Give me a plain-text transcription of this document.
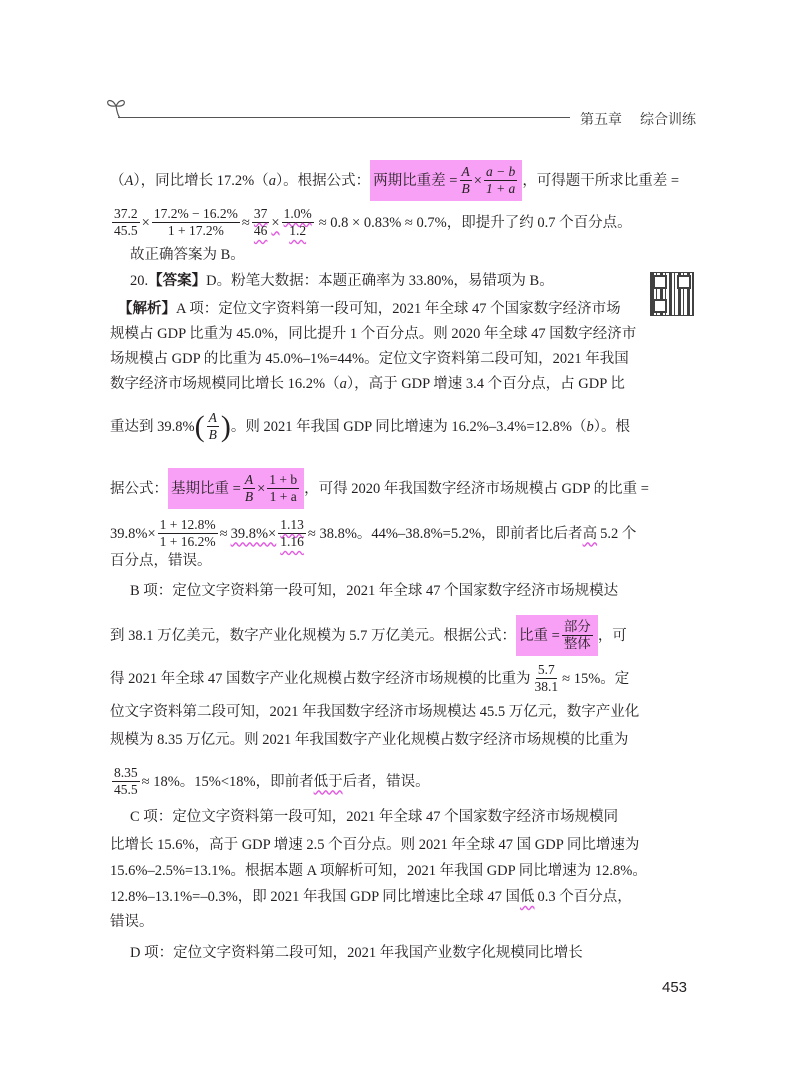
第五章 综合训练
（ A ），同比增长 17.2%（ a ）。根据公式： 两期比重差 = $\frac{A}{B} \times \frac{a - b}{1 + a}$ ，可得题干所求比重差 =
$\frac{37.2}{45.5} \times \frac{17.2\% - 16.2\%}{1 + 17.2\%} \approx \frac{37}{46} \times \frac{1.0\%}{1.2} \approx 0.8 \times 0.83\% \approx 0.7\%$，即提升了约 0.7 个百分点。
故正确答案为 B。
20. 【答案】 D。粉笔大数据：本题正确率为 33.80%，易错项为 B。
【解析】 A 项：定位文字资料第一段可知，2021 年全球 47 个国家数字经济市场
规模占 GDP 比重为 45.0%，同比提升 1 个百分点。则 2020 年全球 47 国数字经济市
场规模占 GDP 的比重为 45.0%–1%=44%。定位文字资料第二段可知，2021 年我国
数字经济市场规模同比增长 16.2%（ a ），高于 GDP 增速 3.4 个百分点，占 GDP 比
重达到 39.8% ( $\frac{A}{B}$ ) 。则 2021 年我国 GDP 同比增速为 16.2%–3.4%=12.8%（ b ）。根
据公式： 基期比重 = $\frac{A}{B} \times \frac{1 + b}{1 + a}$ ，可得 2020 年我国数字经济市场规模占 GDP 的比重 =
$39.8\%\times \frac{1 + 12.8\%}{1 + 16.2\%} \approx 39.8\%\times \frac{1.13}{1.16} \approx 38.8\%$。44%–38.8%=5.2%，即前者比后者 高 5.2 个
百分点，错误。
B 项：定位文字资料第一段可知，2021 年全球 47 个国家数字经济市场规模达
到 38.1 万亿美元，数字产业化规模为 5.7 万亿美元。根据公式： 比重 = $\frac{\text{部分}}{\text{整体}}$ ，可
得 2021 年全球 47 国数字产业化规模占数字经济市场规模的比重为 $\frac{5.7}{38.1} \approx 15\%$。定
位文字资料第二段可知，2021 年我国数字经济市场规模达 45.5 万亿元，数字产业化
规模为 8.35 万亿元。则 2021 年我国数字产业化规模占数字经济市场规模的比重为
$\frac{8.35}{45.5} \approx 18\%$。15%<18%，即前者 低于 后者，错误。
C 项：定位文字资料第一段可知，2021 年全球 47 个国家数字经济市场规模同
比增长 15.6%，高于 GDP 增速 2.5 个百分点。则 2021 年全球 47 国 GDP 同比增速为
15.6%–2.5%=13.1%。根据本题 A 项解析可知，2021 年我国 GDP 同比增速为 12.8%。
12.8%–13.1%=–0.3%，即 2021 年我国 GDP 同比增速比全球 47 国 低 0.3 个百分点，
错误。
D 项：定位文字资料第二段可知，2021 年我国产业数字化规模同比增长
453
